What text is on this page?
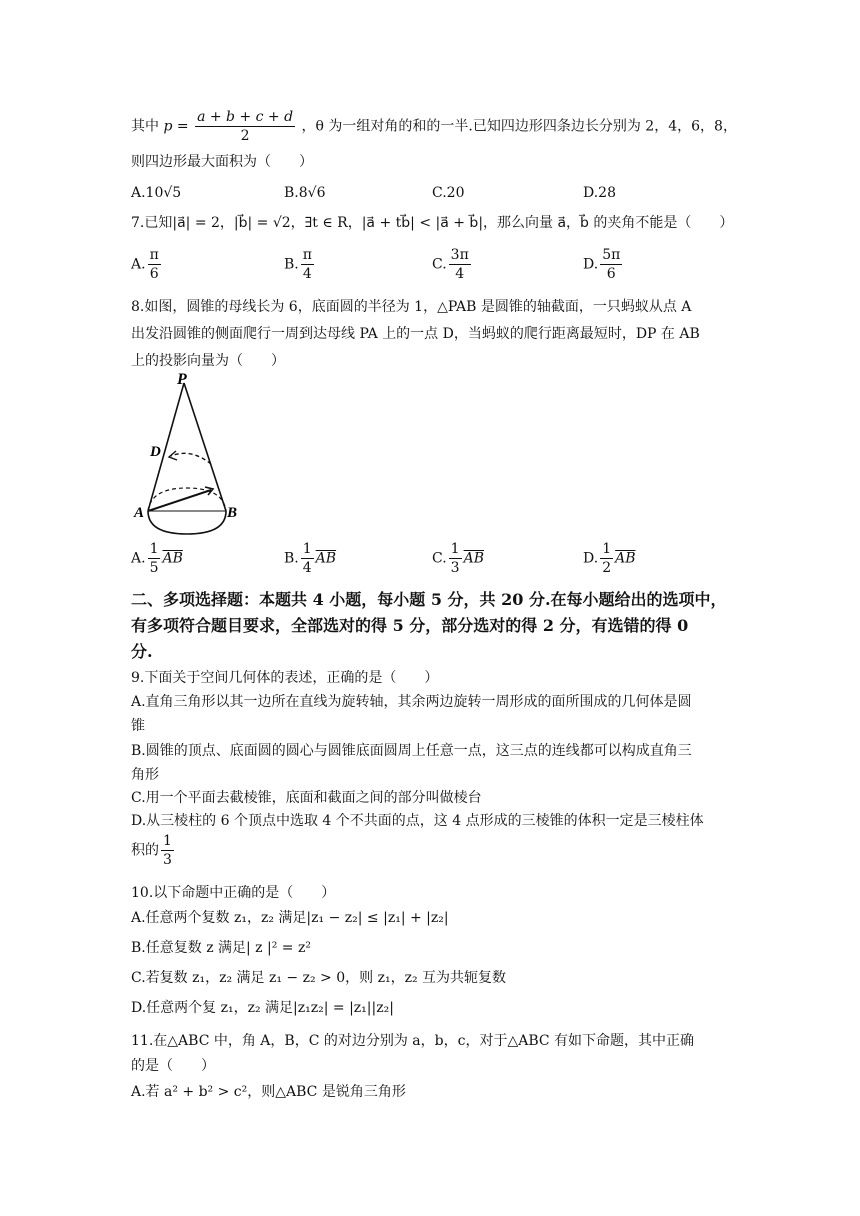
其中 $p = \frac{a + b + c + d}{2}$ ，θ 为一组对角的和的一半.已知四边形四条边长分别为 2，4，6，8，
则四边形最大面积为（　　）
A.10√5	B.8√6	C.20	D.28
7.已知|a⃗| = 2，|b⃗| = √2，∃t ∈ R，|a⃗ + tb⃗| < |a⃗ + b⃗|，那么向量 a⃗，b⃗ 的夹角不能是（　　）
A. $\frac{\pi}{6}$	B. $\frac{\pi}{4}$	C. $\frac{3\pi}{4}$	D. $\frac{5\pi}{6}$
8.如图，圆锥的母线长为 6，底面圆的半径为 1，△PAB 是圆锥的轴截面，一只蚂蚁从点 A
出发沿圆锥的侧面爬行一周到达母线 PA 上的一点 D，当蚂蚁的爬行距离最短时，DP 在 AB
上的投影向量为（　　）
P
D
A	B
A. $\frac{1}{5} \overline{AB}$	B. $\frac{1}{4} \overline{AB}$	C. $\frac{1}{3} \overline{AB}$	D. $\frac{1}{2} \overline{AB}$
二、多项选择题：本题共 4 小题，每小题 5 分，共 20 分.在每小题给出的选项中，
有多项符合题目要求，全部选对的得 5 分，部分选对的得 2 分，有选错的得 0
分.
9.下面关于空间几何体的表述，正确的是（　　）
A.直角三角形以其一边所在直线为旋转轴，其余两边旋转一周形成的面所围成的几何体是圆
锥
B.圆锥的顶点、底面圆的圆心与圆锥底面圆周上任意一点，这三点的连线都可以构成直角三
角形
C.用一个平面去截棱锥，底面和截面之间的部分叫做棱台
D.从三棱柱的 6 个顶点中选取 4 个不共面的点，这 4 点形成的三棱锥的体积一定是三棱柱体
积的 $\frac{1}{3}$
10.以下命题中正确的是（　　）
A.任意两个复数 z₁，z₂ 满足|z₁ − z₂| ≤ |z₁| + |z₂|
B.任意复数 z 满足| z |² = z²
C.若复数 z₁，z₂ 满足 z₁ − z₂ > 0，则 z₁，z₂ 互为共轭复数
D.任意两个复 z₁，z₂ 满足|z₁z₂| = |z₁||z₂|
11.在△ABC 中，角 A，B，C 的对边分别为 a，b，c，对于△ABC 有如下命题，其中正确
的是（　　）
A.若 a² + b² > c²，则△ABC 是锐角三角形
